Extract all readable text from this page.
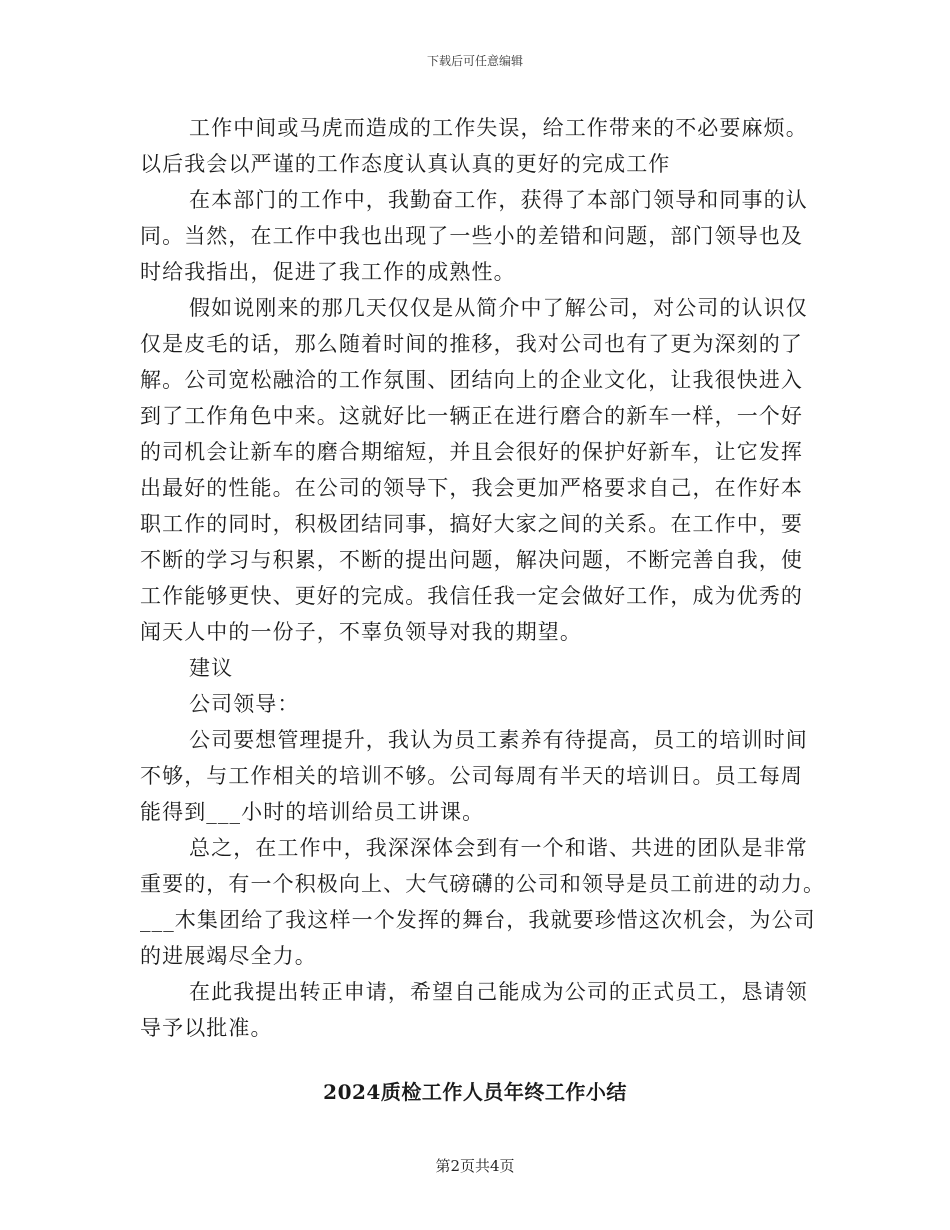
下载后可任意编辑

工作中间或马虎而造成的工作失误，给工作带来的不必要麻烦。
以后我会以严谨的工作态度认真认真的更好的完成工作

在本部门的工作中，我勤奋工作，获得了本部门领导和同事的认
同。当然，在工作中我也出现了一些小的差错和问题，部门领导也及
时给我指出，促进了我工作的成熟性。

假如说刚来的那几天仅仅是从简介中了解公司，对公司的认识仅
仅是皮毛的话，那么随着时间的推移，我对公司也有了更为深刻的了
解。公司宽松融洽的工作氛围、团结向上的企业文化，让我很快进入
到了工作角色中来。这就好比一辆正在进行磨合的新车一样，一个好
的司机会让新车的磨合期缩短，并且会很好的保护好新车，让它发挥
出最好的性能。在公司的领导下，我会更加严格要求自己，在作好本
职工作的同时，积极团结同事，搞好大家之间的关系。在工作中，要
不断的学习与积累，不断的提出问题，解决问题，不断完善自我，使
工作能够更快、更好的完成。我信任我一定会做好工作，成为优秀的
闻天人中的一份子，不辜负领导对我的期望。

建议

公司领导：

公司要想管理提升，我认为员工素养有待提高，员工的培训时间
不够，与工作相关的培训不够。公司每周有半天的培训日。员工每周
能得到___小时的培训给员工讲课。

总之，在工作中，我深深体会到有一个和谐、共进的团队是非常
重要的，有一个积极向上、大气磅礴的公司和领导是员工前进的动力。
___木集团给了我这样一个发挥的舞台，我就要珍惜这次机会，为公司
的进展竭尽全力。

在此我提出转正申请，希望自己能成为公司的正式员工，恳请领
导予以批准。

2024质检工作人员年终工作小结
第2页共4页
